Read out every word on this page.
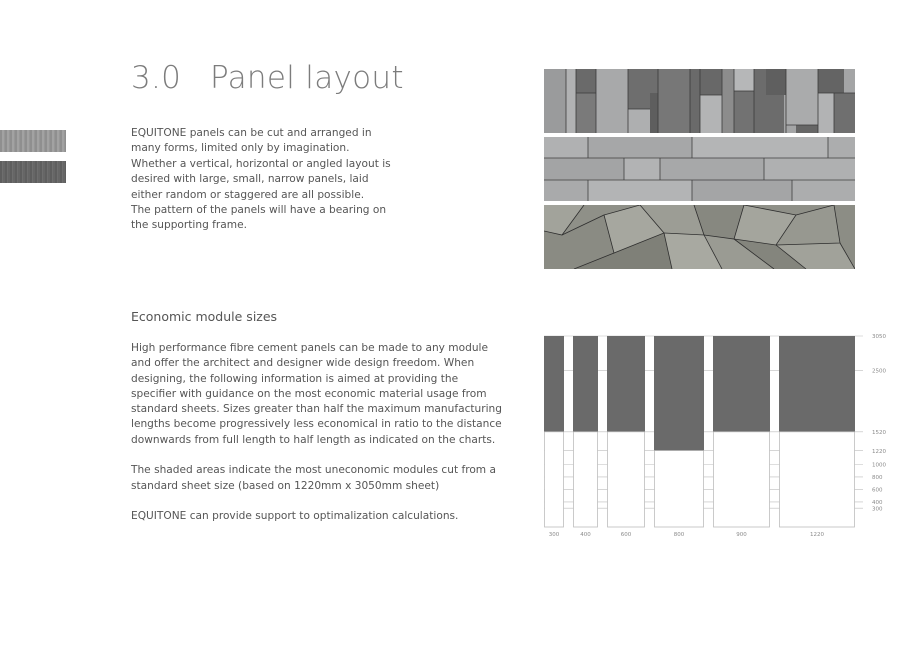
3.0 Panel layout

EQUITONE panels can be cut and arranged in many forms, limited only by imagination.

Whether a vertical, horizontal or angled layout is desired with large, small, narrow panels, laid either random or staggered are all possible.

The pattern of the panels will have a bearing on the supporting frame.

Economic module sizes

High performance fibre cement panels can be made to any module and offer the architect and designer wide design freedom. When designing, the following information is aimed at providing the specifier with guidance on the most economic material usage from standard sheets. Sizes greater than half the maximum manufacturing lengths become progressively less economical in ratio to the distance downwards from full length to half length as indicated on the charts.

The shaded areas indicate the most uneconomic modules cut from a standard sheet size (based on 1220mm x 3050mm sheet)

EQUITONE can provide support to optimalization calculations.

3050
2500
1520
1220
1000
800
600
400
300
300	400	600	800	900	1220
